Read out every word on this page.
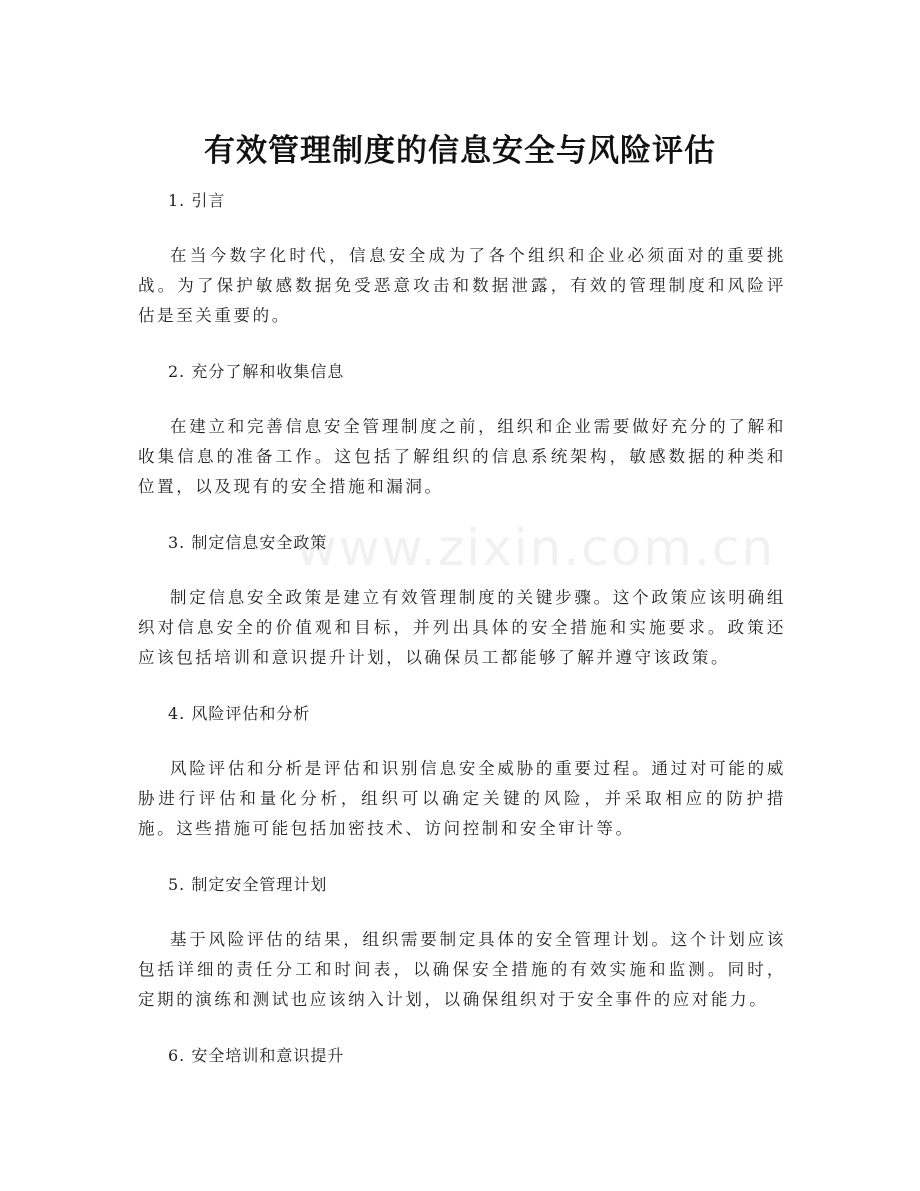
www.zixin.com.cn
有效管理制度的信息安全与风险评估

1. 引言

在当今数字化时代，信息安全成为了各个组织和企业必须面对的重要挑战。为了保护敏感数据免受恶意攻击和数据泄露，有效的管理制度和风险评估是至关重要的。

2. 充分了解和收集信息

在建立和完善信息安全管理制度之前，组织和企业需要做好充分的了解和收集信息的准备工作。这包括了解组织的信息系统架构，敏感数据的种类和位置，以及现有的安全措施和漏洞。

3. 制定信息安全政策

制定信息安全政策是建立有效管理制度的关键步骤。这个政策应该明确组织对信息安全的价值观和目标，并列出具体的安全措施和实施要求。政策还应该包括培训和意识提升计划，以确保员工都能够了解并遵守该政策。

4. 风险评估和分析

风险评估和分析是评估和识别信息安全威胁的重要过程。通过对可能的威胁进行评估和量化分析，组织可以确定关键的风险，并采取相应的防护措施。这些措施可能包括加密技术、访问控制和安全审计等。

5. 制定安全管理计划

基于风险评估的结果，组织需要制定具体的安全管理计划。这个计划应该包括详细的责任分工和时间表，以确保安全措施的有效实施和监测。同时，定期的演练和测试也应该纳入计划，以确保组织对于安全事件的应对能力。

6. 安全培训和意识提升
